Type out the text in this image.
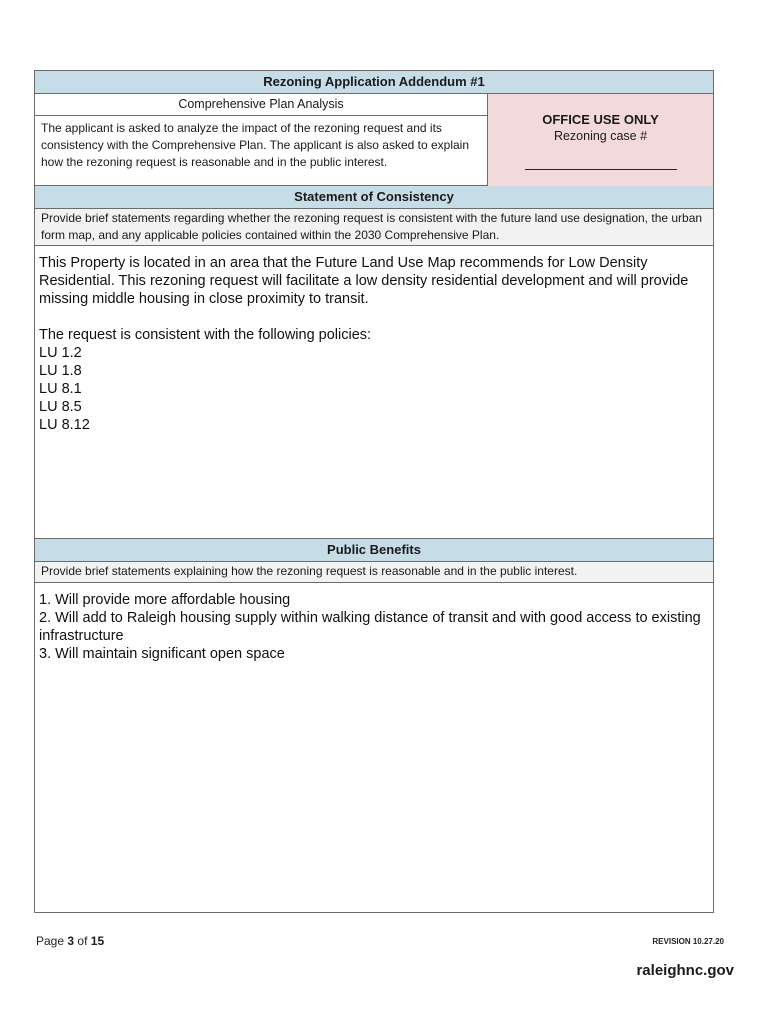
Rezoning Application Addendum #1
Comprehensive Plan Analysis
The applicant is asked to analyze the impact of the rezoning request and its consistency with the Comprehensive Plan. The applicant is also asked to explain how the rezoning request is reasonable and in the public interest.
OFFICE USE ONLY
Rezoning case #
Statement of Consistency
Provide brief statements regarding whether the rezoning request is consistent with the future land use designation, the urban form map, and any applicable policies contained within the 2030 Comprehensive Plan.

This Property is located in an area that the Future Land Use Map recommends for Low Density Residential. This rezoning request will facilitate a low density residential development and will provide missing middle housing in close proximity to transit.

The request is consistent with the following policies:

LU 1.2

LU 1.8

LU 8.1

LU 8.5

LU 8.12

Public Benefits
Provide brief statements explaining how the rezoning request is reasonable and in the public interest.

1. Will provide more affordable housing

2. Will add to Raleigh housing supply within walking distance of transit and with good access to existing infrastructure

3. Will maintain significant open space

Page 3 of 15	REVISION 10.27.20
raleighnc.gov
